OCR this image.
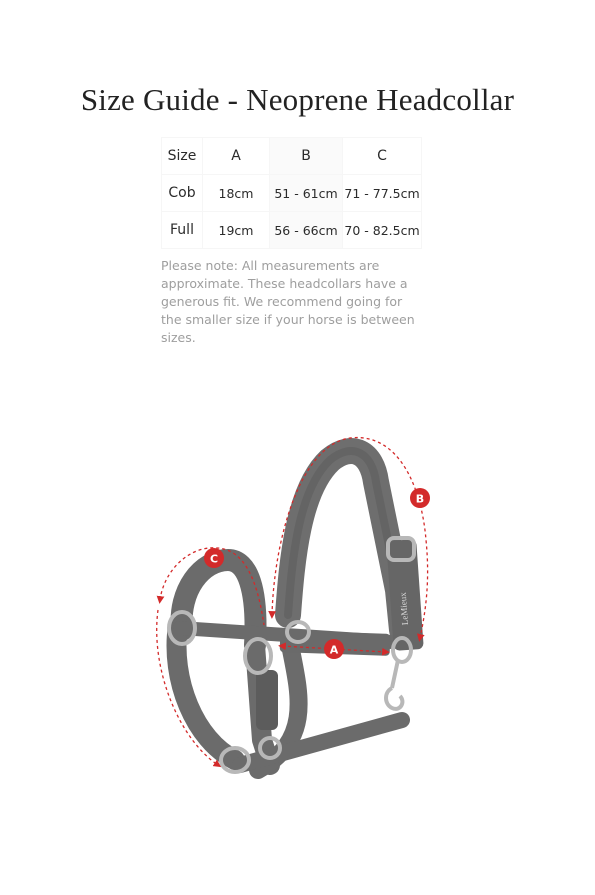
Size Guide - Neoprene Headcollar
Size	A	B	C
Cob	18cm	51 - 61cm	71 - 77.5cm
Full	19cm	56 - 66cm	70 - 82.5cm
Please note: All measurements are approximate. These headcollars have a generous fit. We recommend going for the smaller size if your horse is between sizes.
LeMieux
A
B
C
